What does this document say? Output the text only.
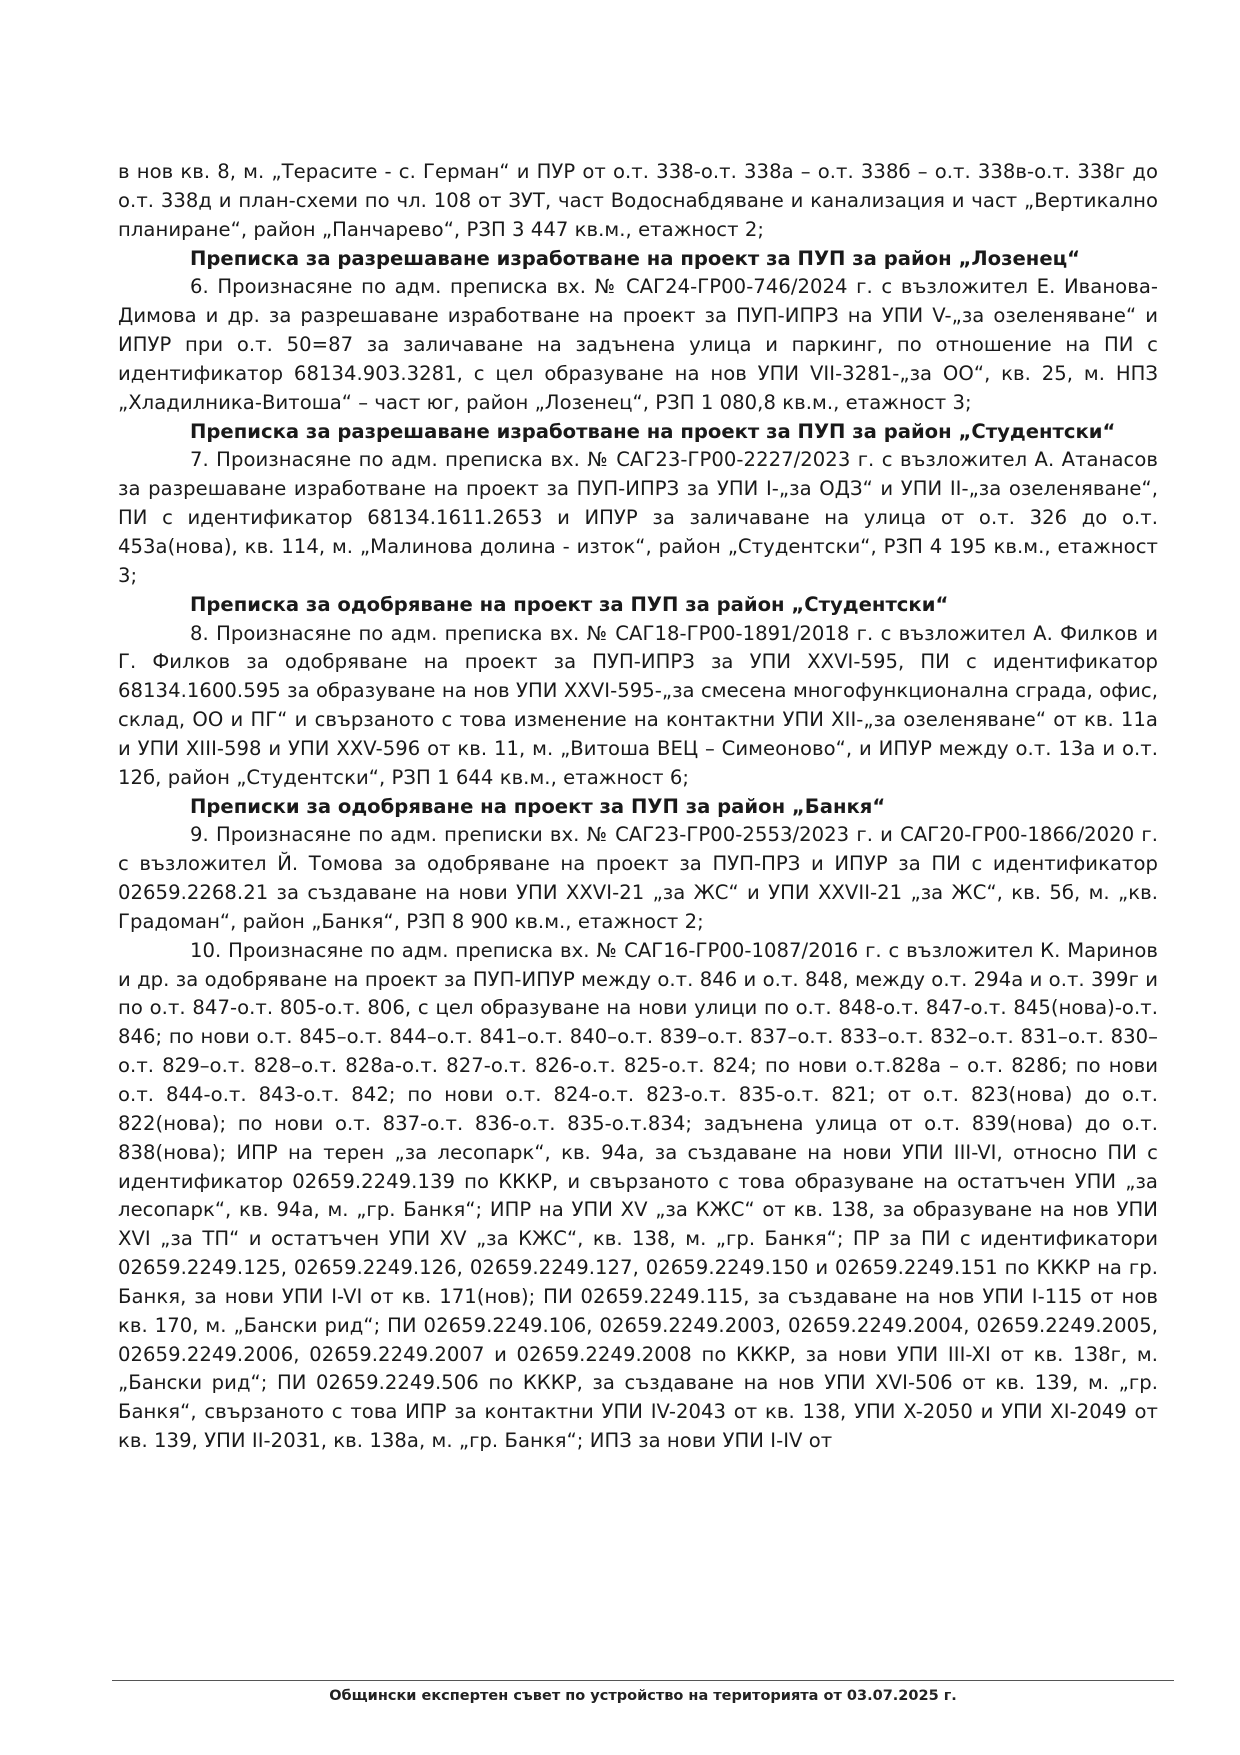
в нов кв. 8, м. „Терасите - с. Герман“ и ПУР от о.т. 338-о.т. 338а – о.т. 338б – о.т. 338в-о.т. 338г до о.т. 338д и план-схеми по чл. 108 от ЗУТ, част Водоснабдяване и канализация и част „Вертикално планиране“, район „Панчарево“, РЗП 3 447 кв.м., етажност 2;

Преписка за разрешаване изработване на проект за ПУП за район „Лозенец“

6. Произнасяне по адм. преписка вх. № САГ24-ГР00-746/2024 г. с възложител Е. Иванова-Димова и др. за разрешаване изработване на проект за ПУП-ИПРЗ на УПИ V-„за озеленяване“ и ИПУР при о.т. 50=87 за заличаване на задънена улица и паркинг, по отношение на ПИ с идентификатор 68134.903.3281, с цел образуване на нов УПИ VII-3281-„за ОО“, кв. 25, м. НПЗ „Хладилника-Витоша“ – част юг, район „Лозенец“, РЗП 1 080,8 кв.м., етажност 3;

Преписка за разрешаване изработване на проект за ПУП за район „Студентски“

7. Произнасяне по адм. преписка вх. № САГ23-ГР00-2227/2023 г. с възложител А. Атанасов за разрешаване изработване на проект за ПУП-ИПРЗ за УПИ I-„за ОДЗ“ и УПИ II-„за озеленяване“, ПИ с идентификатор 68134.1611.2653 и ИПУР за заличаване на улица от о.т. 326 до о.т. 453а(нова), кв. 114, м. „Малинова долина - изток“, район „Студентски“, РЗП 4 195 кв.м., етажност 3;

Преписка за одобряване на проект за ПУП за район „Студентски“

8. Произнасяне по адм. преписка вх. № САГ18-ГР00-1891/2018 г. с възложител А. Филков и Г. Филков за одобряване на проект за ПУП-ИПРЗ за УПИ XXVI-595, ПИ с идентификатор 68134.1600.595 за образуване на нов УПИ XXVI-595-„за смесена многофункционална сграда, офис, склад, ОО и ПГ“ и свързаното с това изменение на контактни УПИ XII-„за озеленяване“ от кв. 11а и УПИ XIII-598 и УПИ XXV-596 от кв. 11, м. „Витоша ВЕЦ – Симеоново“, и ИПУР между о.т. 13а и о.т. 12б, район „Студентски“, РЗП 1 644 кв.м., етажност 6;

Преписки за одобряване на проект за ПУП за район „Банкя“

9. Произнасяне по адм. преписки вх. № САГ23-ГР00-2553/2023 г. и САГ20-ГР00-1866/2020 г. с възложител Й. Томова за одобряване на проект за ПУП-ПРЗ и ИПУР за ПИ с идентификатор 02659.2268.21 за създаване на нови УПИ XXVI-21 „за ЖС“ и УПИ XXVII-21 „за ЖС“, кв. 5б, м. „кв. Градоман“, район „Банкя“, РЗП 8 900 кв.м., етажност 2;

10. Произнасяне по адм. преписка вх. № САГ16-ГР00-1087/2016 г. с възложител К. Маринов и др. за одобряване на проект за ПУП-ИПУР между о.т. 846 и о.т. 848, между о.т. 294а и о.т. 399г и по о.т. 847-о.т. 805-о.т. 806, с цел образуване на нови улици по о.т. 848-о.т. 847-о.т. 845(нова)-о.т. 846; по нови о.т. 845–о.т. 844–о.т. 841–о.т. 840–о.т. 839–о.т. 837–о.т. 833–о.т. 832–о.т. 831–о.т. 830–о.т. 829–о.т. 828–о.т. 828а-о.т. 827-о.т. 826-о.т. 825-о.т. 824; по нови о.т.828а – о.т. 828б; по нови о.т. 844-о.т. 843-о.т. 842; по нови о.т. 824-о.т. 823-о.т. 835-о.т. 821; от о.т. 823(нова) до о.т. 822(нова); по нови о.т. 837-о.т. 836-о.т. 835-о.т.834; задънена улица от о.т. 839(нова) до о.т. 838(нова); ИПР на терен „за лесопарк“, кв. 94а, за създаване на нови УПИ III-VI, относно ПИ с идентификатор 02659.2249.139 по КККР, и свързаното с това образуване на остатъчен УПИ „за лесопарк“, кв. 94а, м. „гр. Банкя“; ИПР на УПИ XV „за КЖС“ от кв. 138, за образуване на нов УПИ XVI „за ТП“ и остатъчен УПИ XV „за КЖС“, кв. 138, м. „гр. Банкя“; ПР за ПИ с идентификатори 02659.2249.125, 02659.2249.126, 02659.2249.127, 02659.2249.150 и 02659.2249.151 по КККР на гр. Банкя, за нови УПИ I-VI от кв. 171(нов); ПИ 02659.2249.115, за създаване на нов УПИ I-115 от нов кв. 170, м. „Бански рид“; ПИ 02659.2249.106, 02659.2249.2003, 02659.2249.2004, 02659.2249.2005, 02659.2249.2006, 02659.2249.2007 и 02659.2249.2008 по КККР, за нови УПИ III-XI от кв. 138г, м. „Бански рид“; ПИ 02659.2249.506 по КККР, за създаване на нов УПИ XVI-506 от кв. 139, м. „гр. Банкя“, свързаното с това ИПР за контактни УПИ IV-2043 от кв. 138, УПИ X-2050 и УПИ XI-2049 от кв. 139, УПИ II-2031, кв. 138а, м. „гр. Банкя“; ИПЗ за нови УПИ I-IV от

Общински експертен съвет по устройство на територията от 03.07.2025 г.
